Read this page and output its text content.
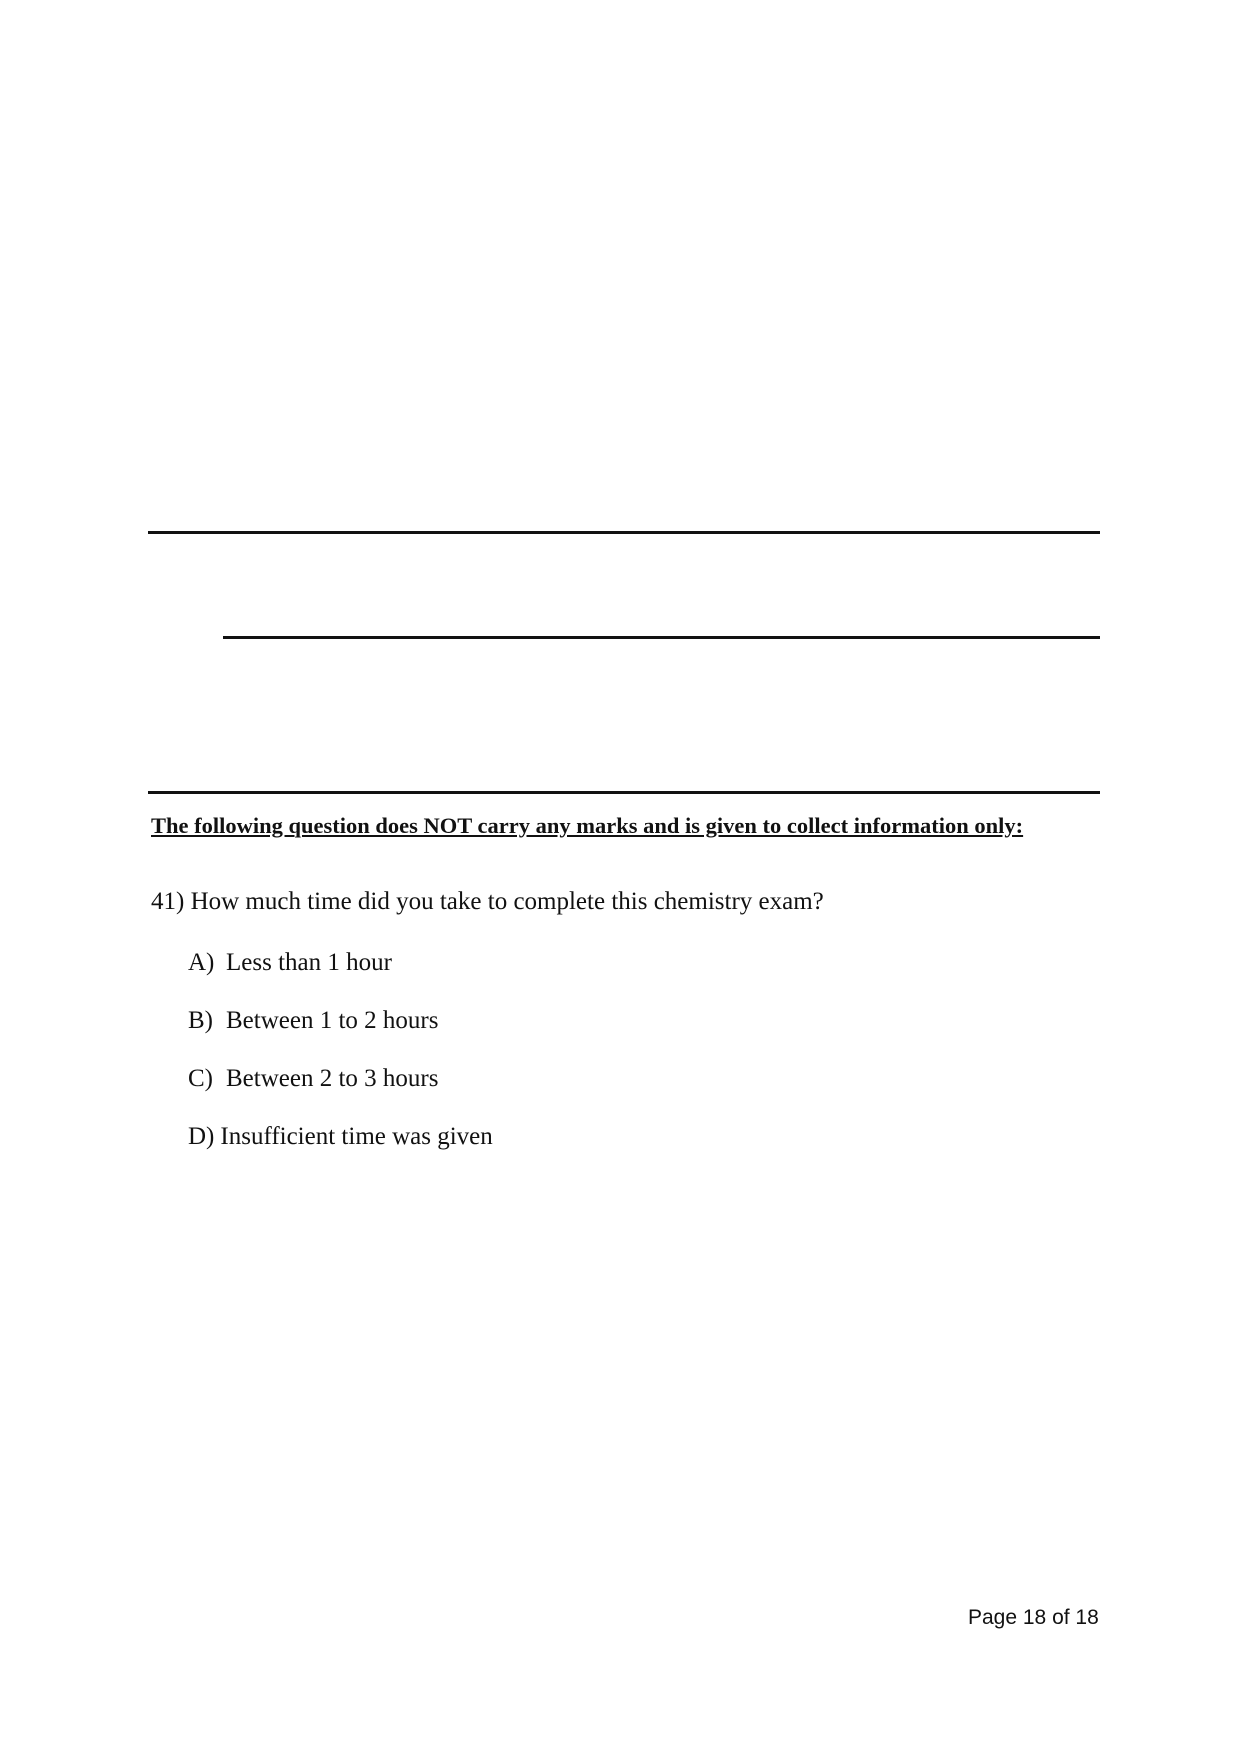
The following question does NOT carry any marks and is given to collect information only:
41) How much time did you take to complete this chemistry exam?
A) Less than 1 hour
B) Between 1 to 2 hours
C) Between 2 to 3 hours
D) Insufficient time was given
Page 18 of 18
